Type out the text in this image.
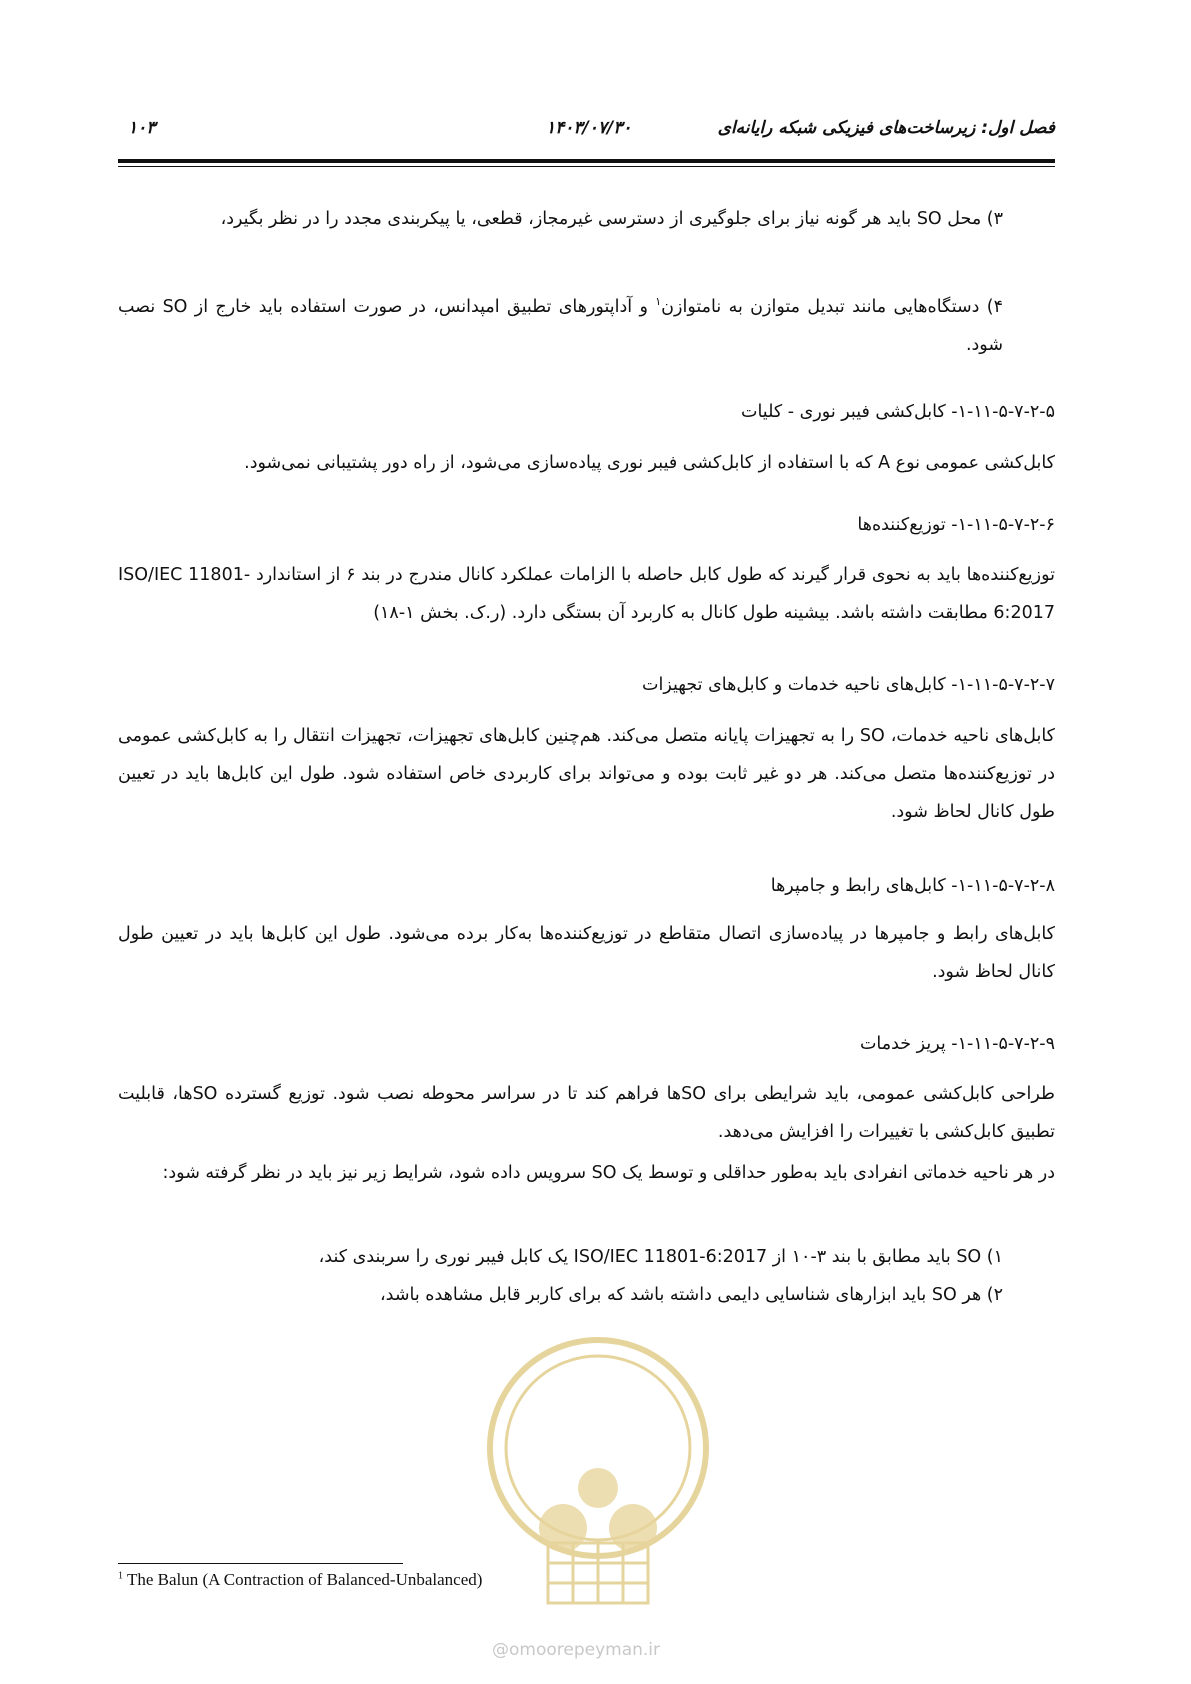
فصل اول: زیرساخت‌های فیزیکی شبکه رایانه‌ای
۱۴۰۳/۰۷/۳۰
۱۰۳
۳) محل SO باید هر گونه نیاز برای جلوگیری از دسترسی غیرمجاز، قطعی، یا پیکربندی مجدد را در نظر بگیرد،
۴) دستگاه‌هایی مانند تبدیل متوازن به نامتوازن$^۱$ و آداپتورهای تطبیق امپدانس، در صورت استفاده باید خارج از SO نصب شود.
۱-۱۱-۵-۷-۲-۵- کابل‌کشی فیبر نوری - کلیات
کابل‌کشی عمومی نوع A که با استفاده از کابل‌کشی فیبر نوری پیاده‌سازی می‌شود، از راه دور پشتیبانی نمی‌شود.
۱-۱۱-۵-۷-۲-۶- توزیع‌کننده‌ها
توزیع‌کننده‌ها باید به نحوی قرار گیرند که طول کابل حاصله با الزامات عملکرد کانال مندرج در بند ۶ از استاندارد ISO/IEC 11801-6:2017 مطابقت داشته باشد. بیشینه طول کانال به کاربرد آن بستگی دارد. (ر.ک. بخش ۱-۱۸)
۱-۱۱-۵-۷-۲-۷- کابل‌های ناحیه خدمات و کابل‌های تجهیزات
کابل‌های ناحیه خدمات، SO را به تجهیزات پایانه متصل می‌کند. هم‌چنین کابل‌های تجهیزات، تجهیزات انتقال را به کابل‌کشی عمومی در توزیع‌کننده‌ها متصل می‌کند. هر دو غیر ثابت بوده و می‌تواند برای کاربردی خاص استفاده شود. طول این کابل‌ها باید در تعیین طول کانال لحاظ شود.
۱-۱۱-۵-۷-۲-۸- کابل‌های رابط و جامپرها
کابل‌های رابط و جامپرها در پیاده‌سازی اتصال متقاطع در توزیع‌کننده‌ها به‌کار برده می‌شود. طول این کابل‌ها باید در تعیین طول کانال لحاظ شود.
۱-۱۱-۵-۷-۲-۹- پریز خدمات
طراحی کابل‌کشی عمومی، باید شرایطی برای SOها فراهم کند تا در سراسر محوطه نصب شود. توزیع گسترده SOها، قابلیت تطبیق کابل‌کشی با تغییرات را افزایش می‌دهد.
در هر ناحیه خدماتی انفرادی باید به‌طور حداقلی و توسط یک SO سرویس داده شود، شرایط زیر نیز باید در نظر گرفته شود:
۱) SO باید مطابق با بند ۳-۱۰ از ISO/IEC 11801-6:2017 یک کابل فیبر نوری را سربندی کند،
۲) هر SO باید ابزارهای شناسایی دایمی داشته باشد که برای کاربر قابل مشاهده باشد،
@omoorepeyman.ir
$^1$ The Balun (A Contraction of Balanced-Unbalanced)
